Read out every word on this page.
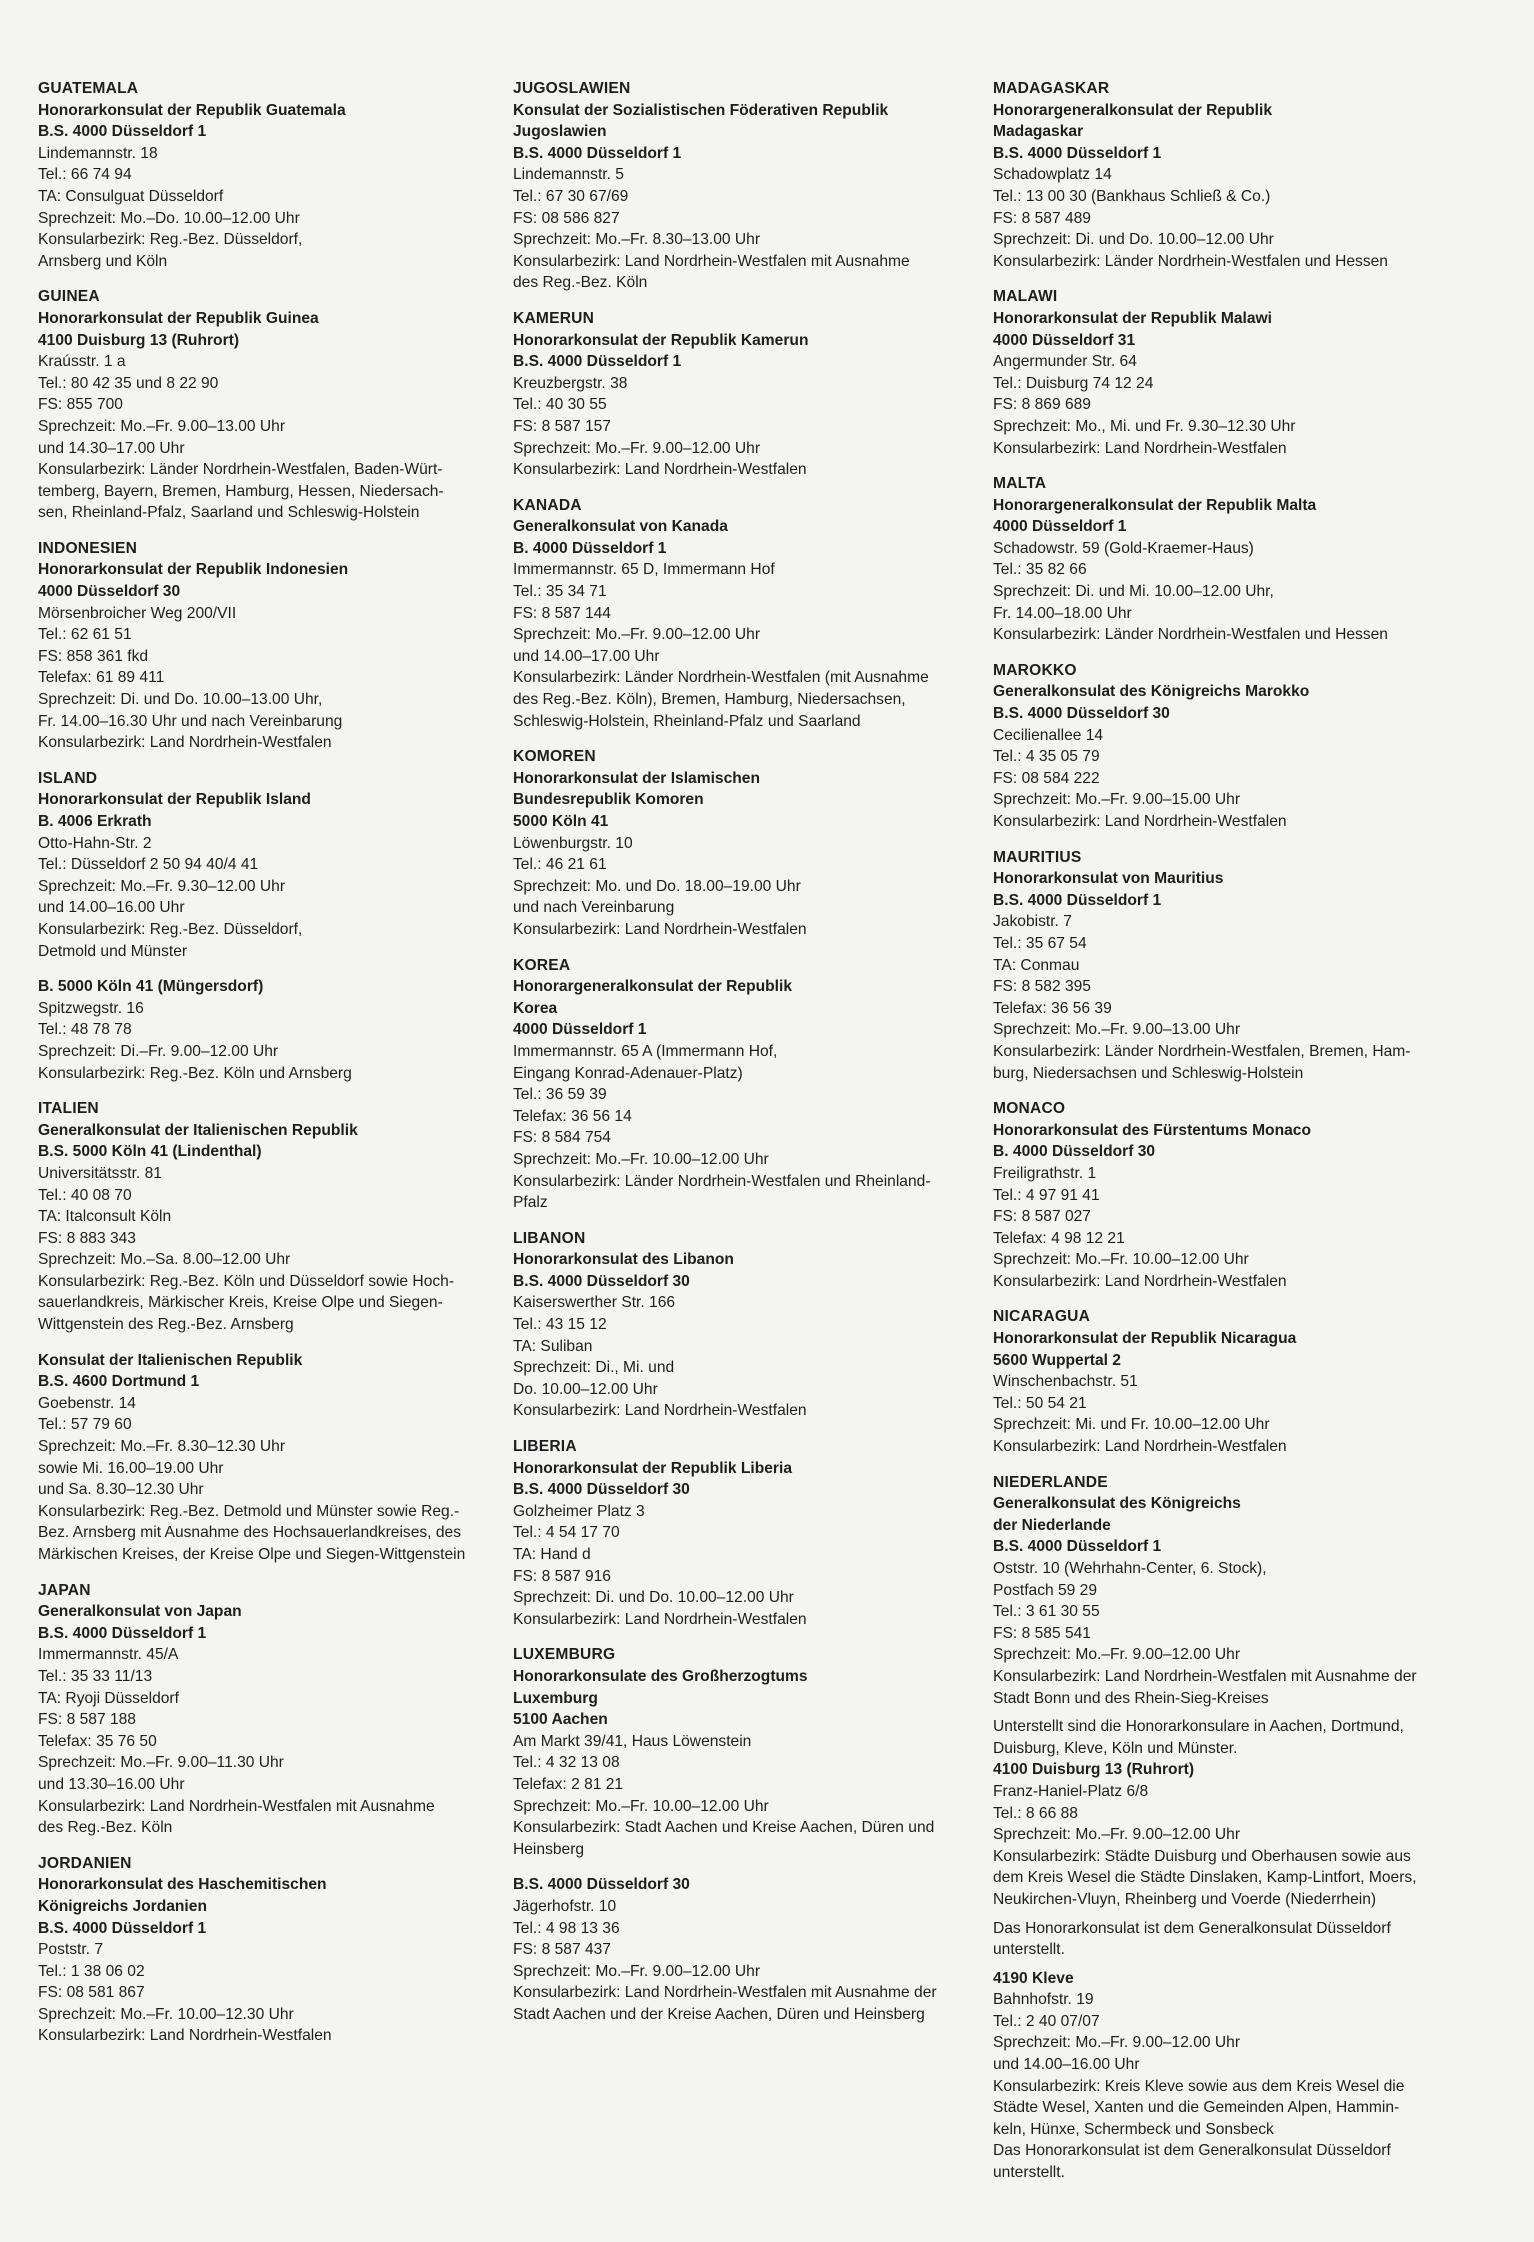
GUATEMALA
Honorarkonsulat der Republik Guatemala
B.S. 4000 Düsseldorf 1
Lindemannstr. 18
Tel.: 66 74 94
TA: Consulguat Düsseldorf
Sprechzeit: Mo.–Do. 10.00–12.00 Uhr
Konsularbezirk: Reg.-Bez. Düsseldorf,
Arnsberg und Köln
GUINEA
Honorarkonsulat der Republik Guinea
4100 Duisburg 13 (Ruhrort)
Kraússtr. 1 a
Tel.: 80 42 35 und 8 22 90
FS: 855 700
Sprechzeit: Mo.–Fr. 9.00–13.00 Uhr
und 14.30–17.00 Uhr
Konsularbezirk: Länder Nordrhein-Westfalen, Baden-Würt-
temberg, Bayern, Bremen, Hamburg, Hessen, Niedersach-
sen, Rheinland-Pfalz, Saarland und Schleswig-Holstein
INDONESIEN
Honorarkonsulat der Republik Indonesien
4000 Düsseldorf 30
Mörsenbroicher Weg 200/VII
Tel.: 62 61 51
FS: 858 361 fkd
Telefax: 61 89 411
Sprechzeit: Di. und Do. 10.00–13.00 Uhr,
Fr. 14.00–16.30 Uhr und nach Vereinbarung
Konsularbezirk: Land Nordrhein-Westfalen
ISLAND
Honorarkonsulat der Republik Island
B. 4006 Erkrath
Otto-Hahn-Str. 2
Tel.: Düsseldorf 2 50 94 40/4 41
Sprechzeit: Mo.–Fr. 9.30–12.00 Uhr
und 14.00–16.00 Uhr
Konsularbezirk: Reg.-Bez. Düsseldorf,
Detmold und Münster
B. 5000 Köln 41 (Müngersdorf)
Spitzwegstr. 16
Tel.: 48 78 78
Sprechzeit: Di.–Fr. 9.00–12.00 Uhr
Konsularbezirk: Reg.-Bez. Köln und Arnsberg
ITALIEN
Generalkonsulat der Italienischen Republik
B.S. 5000 Köln 41 (Lindenthal)
Universitätsstr. 81
Tel.: 40 08 70
TA: Italconsult Köln
FS: 8 883 343
Sprechzeit: Mo.–Sa. 8.00–12.00 Uhr
Konsularbezirk: Reg.-Bez. Köln und Düsseldorf sowie Hoch-
sauerlandkreis, Märkischer Kreis, Kreise Olpe und Siegen-
Wittgenstein des Reg.-Bez. Arnsberg
Konsulat der Italienischen Republik
B.S. 4600 Dortmund 1
Goebenstr. 14
Tel.: 57 79 60
Sprechzeit: Mo.–Fr. 8.30–12.30 Uhr
sowie Mi. 16.00–19.00 Uhr
und Sa. 8.30–12.30 Uhr
Konsularbezirk: Reg.-Bez. Detmold und Münster sowie Reg.-
Bez. Arnsberg mit Ausnahme des Hochsauerlandkreises, des
Märkischen Kreises, der Kreise Olpe und Siegen-Wittgenstein
JAPAN
Generalkonsulat von Japan
B.S. 4000 Düsseldorf 1
Immermannstr. 45/A
Tel.: 35 33 11/13
TA: Ryoji Düsseldorf
FS: 8 587 188
Telefax: 35 76 50
Sprechzeit: Mo.–Fr. 9.00–11.30 Uhr
und 13.30–16.00 Uhr
Konsularbezirk: Land Nordrhein-Westfalen mit Ausnahme
des Reg.-Bez. Köln
JORDANIEN
Honorarkonsulat des Haschemitischen
Königreichs Jordanien
B.S. 4000 Düsseldorf 1
Poststr. 7
Tel.: 1 38 06 02
FS: 08 581 867
Sprechzeit: Mo.–Fr. 10.00–12.30 Uhr
Konsularbezirk: Land Nordrhein-Westfalen
JUGOSLAWIEN
Konsulat der Sozialistischen Föderativen Republik
Jugoslawien
B.S. 4000 Düsseldorf 1
Lindemannstr. 5
Tel.: 67 30 67/69
FS: 08 586 827
Sprechzeit: Mo.–Fr. 8.30–13.00 Uhr
Konsularbezirk: Land Nordrhein-Westfalen mit Ausnahme
des Reg.-Bez. Köln
KAMERUN
Honorarkonsulat der Republik Kamerun
B.S. 4000 Düsseldorf 1
Kreuzbergstr. 38
Tel.: 40 30 55
FS: 8 587 157
Sprechzeit: Mo.–Fr. 9.00–12.00 Uhr
Konsularbezirk: Land Nordrhein-Westfalen
KANADA
Generalkonsulat von Kanada
B. 4000 Düsseldorf 1
Immermannstr. 65 D, Immermann Hof
Tel.: 35 34 71
FS: 8 587 144
Sprechzeit: Mo.–Fr. 9.00–12.00 Uhr
und 14.00–17.00 Uhr
Konsularbezirk: Länder Nordrhein-Westfalen (mit Ausnahme
des Reg.-Bez. Köln), Bremen, Hamburg, Niedersachsen,
Schleswig-Holstein, Rheinland-Pfalz und Saarland
KOMOREN
Honorarkonsulat der Islamischen
Bundesrepublik Komoren
5000 Köln 41
Löwenburgstr. 10
Tel.: 46 21 61
Sprechzeit: Mo. und Do. 18.00–19.00 Uhr
und nach Vereinbarung
Konsularbezirk: Land Nordrhein-Westfalen
KOREA
Honorargeneralkonsulat der Republik
Korea
4000 Düsseldorf 1
Immermannstr. 65 A (Immermann Hof,
Eingang Konrad-Adenauer-Platz)
Tel.: 36 59 39
Telefax: 36 56 14
FS: 8 584 754
Sprechzeit: Mo.–Fr. 10.00–12.00 Uhr
Konsularbezirk: Länder Nordrhein-Westfalen und Rheinland-
Pfalz
LIBANON
Honorarkonsulat des Libanon
B.S. 4000 Düsseldorf 30
Kaiserswerther Str. 166
Tel.: 43 15 12
TA: Suliban
Sprechzeit: Di., Mi. und
Do. 10.00–12.00 Uhr
Konsularbezirk: Land Nordrhein-Westfalen
LIBERIA
Honorarkonsulat der Republik Liberia
B.S. 4000 Düsseldorf 30
Golzheimer Platz 3
Tel.: 4 54 17 70
TA: Hand d
FS: 8 587 916
Sprechzeit: Di. und Do. 10.00–12.00 Uhr
Konsularbezirk: Land Nordrhein-Westfalen
LUXEMBURG
Honorarkonsulate des Großherzogtums
Luxemburg
5100 Aachen
Am Markt 39/41, Haus Löwenstein
Tel.: 4 32 13 08
Telefax: 2 81 21
Sprechzeit: Mo.–Fr. 10.00–12.00 Uhr
Konsularbezirk: Stadt Aachen und Kreise Aachen, Düren und
Heinsberg
B.S. 4000 Düsseldorf 30
Jägerhofstr. 10
Tel.: 4 98 13 36
FS: 8 587 437
Sprechzeit: Mo.–Fr. 9.00–12.00 Uhr
Konsularbezirk: Land Nordrhein-Westfalen mit Ausnahme der
Stadt Aachen und der Kreise Aachen, Düren und Heinsberg
MADAGASKAR
Honorargeneralkonsulat der Republik
Madagaskar
B.S. 4000 Düsseldorf 1
Schadowplatz 14
Tel.: 13 00 30 (Bankhaus Schließ & Co.)
FS: 8 587 489
Sprechzeit: Di. und Do. 10.00–12.00 Uhr
Konsularbezirk: Länder Nordrhein-Westfalen und Hessen
MALAWI
Honorarkonsulat der Republik Malawi
4000 Düsseldorf 31
Angermunder Str. 64
Tel.: Duisburg 74 12 24
FS: 8 869 689
Sprechzeit: Mo., Mi. und Fr. 9.30–12.30 Uhr
Konsularbezirk: Land Nordrhein-Westfalen
MALTA
Honorargeneralkonsulat der Republik Malta
4000 Düsseldorf 1
Schadowstr. 59 (Gold-Kraemer-Haus)
Tel.: 35 82 66
Sprechzeit: Di. und Mi. 10.00–12.00 Uhr,
Fr. 14.00–18.00 Uhr
Konsularbezirk: Länder Nordrhein-Westfalen und Hessen
MAROKKO
Generalkonsulat des Königreichs Marokko
B.S. 4000 Düsseldorf 30
Cecilienallee 14
Tel.: 4 35 05 79
FS: 08 584 222
Sprechzeit: Mo.–Fr. 9.00–15.00 Uhr
Konsularbezirk: Land Nordrhein-Westfalen
MAURITIUS
Honorarkonsulat von Mauritius
B.S. 4000 Düsseldorf 1
Jakobistr. 7
Tel.: 35 67 54
TA: Conmau
FS: 8 582 395
Telefax: 36 56 39
Sprechzeit: Mo.–Fr. 9.00–13.00 Uhr
Konsularbezirk: Länder Nordrhein-Westfalen, Bremen, Ham-
burg, Niedersachsen und Schleswig-Holstein
MONACO
Honorarkonsulat des Fürstentums Monaco
B. 4000 Düsseldorf 30
Freiligrathstr. 1
Tel.: 4 97 91 41
FS: 8 587 027
Telefax: 4 98 12 21
Sprechzeit: Mo.–Fr. 10.00–12.00 Uhr
Konsularbezirk: Land Nordrhein-Westfalen
NICARAGUA
Honorarkonsulat der Republik Nicaragua
5600 Wuppertal 2
Winschenbachstr. 51
Tel.: 50 54 21
Sprechzeit: Mi. und Fr. 10.00–12.00 Uhr
Konsularbezirk: Land Nordrhein-Westfalen
NIEDERLANDE
Generalkonsulat des Königreichs
der Niederlande
B.S. 4000 Düsseldorf 1
Oststr. 10 (Wehrhahn-Center, 6. Stock),
Postfach 59 29
Tel.: 3 61 30 55
FS: 8 585 541
Sprechzeit: Mo.–Fr. 9.00–12.00 Uhr
Konsularbezirk: Land Nordrhein-Westfalen mit Ausnahme der
Stadt Bonn und des Rhein-Sieg-Kreises
Unterstellt sind die Honorarkonsulare in Aachen, Dortmund,
Duisburg, Kleve, Köln und Münster.
4100 Duisburg 13 (Ruhrort)
Franz-Haniel-Platz 6/8
Tel.: 8 66 88
Sprechzeit: Mo.–Fr. 9.00–12.00 Uhr
Konsularbezirk: Städte Duisburg und Oberhausen sowie aus
dem Kreis Wesel die Städte Dinslaken, Kamp-Lintfort, Moers,
Neukirchen-Vluyn, Rheinberg und Voerde (Niederrhein)
Das Honorarkonsulat ist dem Generalkonsulat Düsseldorf
unterstellt.
4190 Kleve
Bahnhofstr. 19
Tel.: 2 40 07/07
Sprechzeit: Mo.–Fr. 9.00–12.00 Uhr
und 14.00–16.00 Uhr
Konsularbezirk: Kreis Kleve sowie aus dem Kreis Wesel die
Städte Wesel, Xanten und die Gemeinden Alpen, Hammin-
keln, Hünxe, Schermbeck und Sonsbeck
Das Honorarkonsulat ist dem Generalkonsulat Düsseldorf
unterstellt.
